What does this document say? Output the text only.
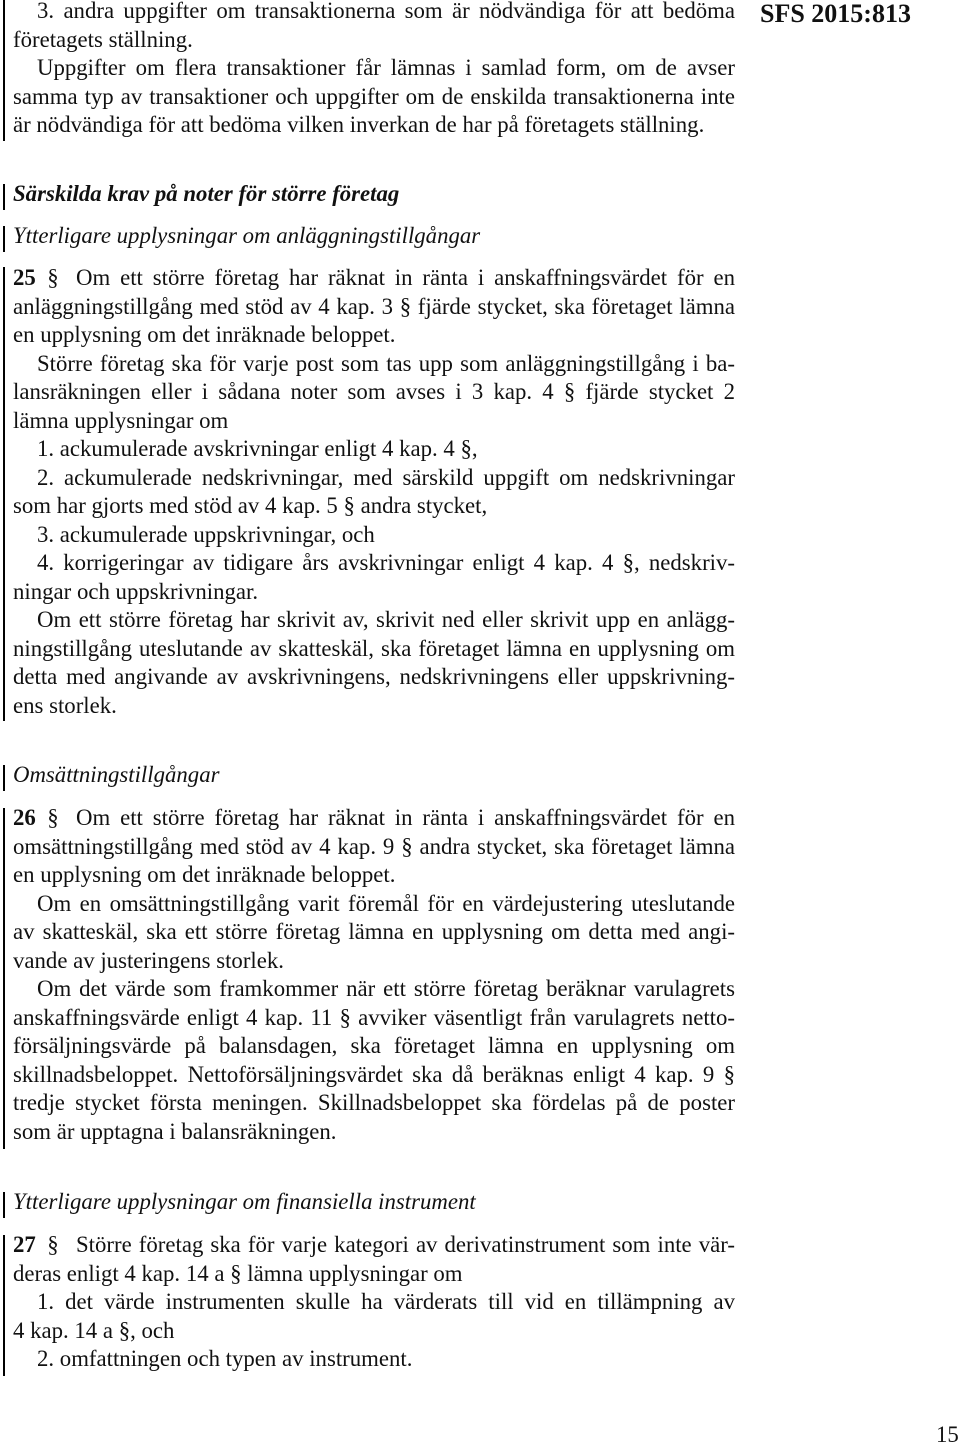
SFS 2015:813
3. andra uppgifter om transaktionerna som är nödvändiga för att bedöma
företagets ställning.
Uppgifter om flera transaktioner får lämnas i samlad form, om de avser
samma typ av transaktioner och uppgifter om de enskilda transaktionerna inte
är nödvändiga för att bedöma vilken inverkan de har på företagets ställning.
Särskilda krav på noter för större företag
Ytterligare upplysningar om anläggningstillgångar
25 § Om ett större företag har räknat in ränta i anskaffningsvärdet för en
anläggningstillgång med stöd av 4 kap. 3 § fjärde stycket, ska företaget lämna
en upplysning om det inräknade beloppet.
Större företag ska för varje post som tas upp som anläggningstillgång i ba-
lansräkningen eller i sådana noter som avses i 3 kap. 4 § fjärde stycket 2
lämna upplysningar om
1. ackumulerade avskrivningar enligt 4 kap. 4 §,
2. ackumulerade nedskrivningar, med särskild uppgift om nedskrivningar
som har gjorts med stöd av 4 kap. 5 § andra stycket,
3. ackumulerade uppskrivningar, och
4. korrigeringar av tidigare års avskrivningar enligt 4 kap. 4 §, nedskriv-
ningar och uppskrivningar.
Om ett större företag har skrivit av, skrivit ned eller skrivit upp en anlägg-
ningstillgång uteslutande av skatteskäl, ska företaget lämna en upplysning om
detta med angivande av avskrivningens, nedskrivningens eller uppskrivning-
ens storlek.
Omsättningstillgångar
26 § Om ett större företag har räknat in ränta i anskaffningsvärdet för en
omsättningstillgång med stöd av 4 kap. 9 § andra stycket, ska företaget lämna
en upplysning om det inräknade beloppet.
Om en omsättningstillgång varit föremål för en värdejustering uteslutande
av skatteskäl, ska ett större företag lämna en upplysning om detta med angi-
vande av justeringens storlek.
Om det värde som framkommer när ett större företag beräknar varulagrets
anskaffningsvärde enligt 4 kap. 11 § avviker väsentligt från varulagrets netto-
försäljningsvärde på balansdagen, ska företaget lämna en upplysning om
skillnadsbeloppet. Nettoförsäljningsvärdet ska då beräknas enligt 4 kap. 9 §
tredje stycket första meningen. Skillnadsbeloppet ska fördelas på de poster
som är upptagna i balansräkningen.
Ytterligare upplysningar om finansiella instrument
27 § Större företag ska för varje kategori av derivatinstrument som inte vär-
deras enligt 4 kap. 14 a § lämna upplysningar om
1. det värde instrumenten skulle ha värderats till vid en tillämpning av
4 kap. 14 a §, och
2. omfattningen och typen av instrument.
15
